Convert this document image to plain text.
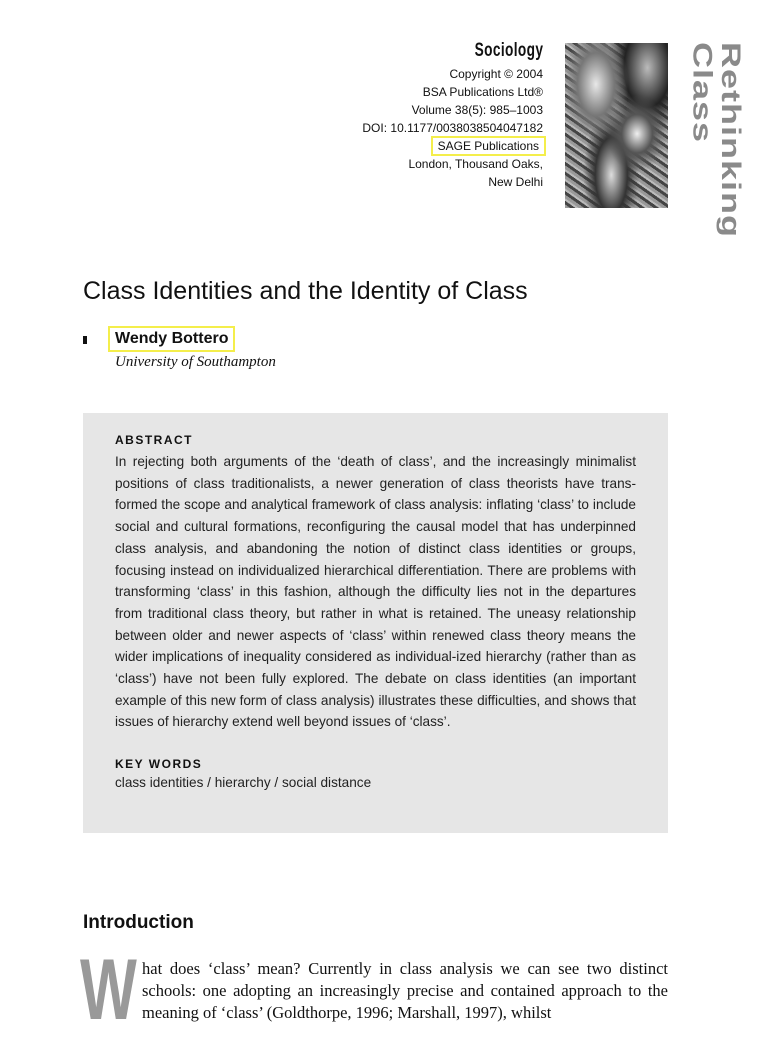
Sociology
Copyright © 2004
BSA Publications Ltd®
Volume 38(5): 985–1003
DOI: 10.1177/0038038504047182
SAGE Publications
London, Thousand Oaks,
New Delhi	Rethinking Class
Class Identities and the Identity of Class
Wendy Bottero
University of Southampton
ABSTRACT
In rejecting both arguments of the ‘death of class’, and the increasingly minimalist positions of class traditionalists, a newer generation of class theorists have trans-formed the scope and analytical framework of class analysis: inflating ‘class’ to include social and cultural formations, reconfiguring the causal model that has underpinned class analysis, and abandoning the notion of distinct class identities or groups, focusing instead on individualized hierarchical differentiation. There are problems with transforming ‘class’ in this fashion, although the difficulty lies not in the departures from traditional class theory, but rather in what is retained. The uneasy relationship between older and newer aspects of ‘class’ within renewed class theory means the wider implications of inequality considered as individual-ized hierarchy (rather than as ‘class’) have not been fully explored. The debate on class identities (an important example of this new form of class analysis) illustrates these difficulties, and shows that issues of hierarchy extend well beyond issues of ‘class’.
KEY WORDS
class identities / hierarchy / social distance
Introduction
W hat does ‘class’ mean? Currently in class analysis we can see two distinct schools: one adopting an increasingly precise and contained approach to the meaning of ‘class’ (Goldthorpe, 1996; Marshall, 1997), whilst
